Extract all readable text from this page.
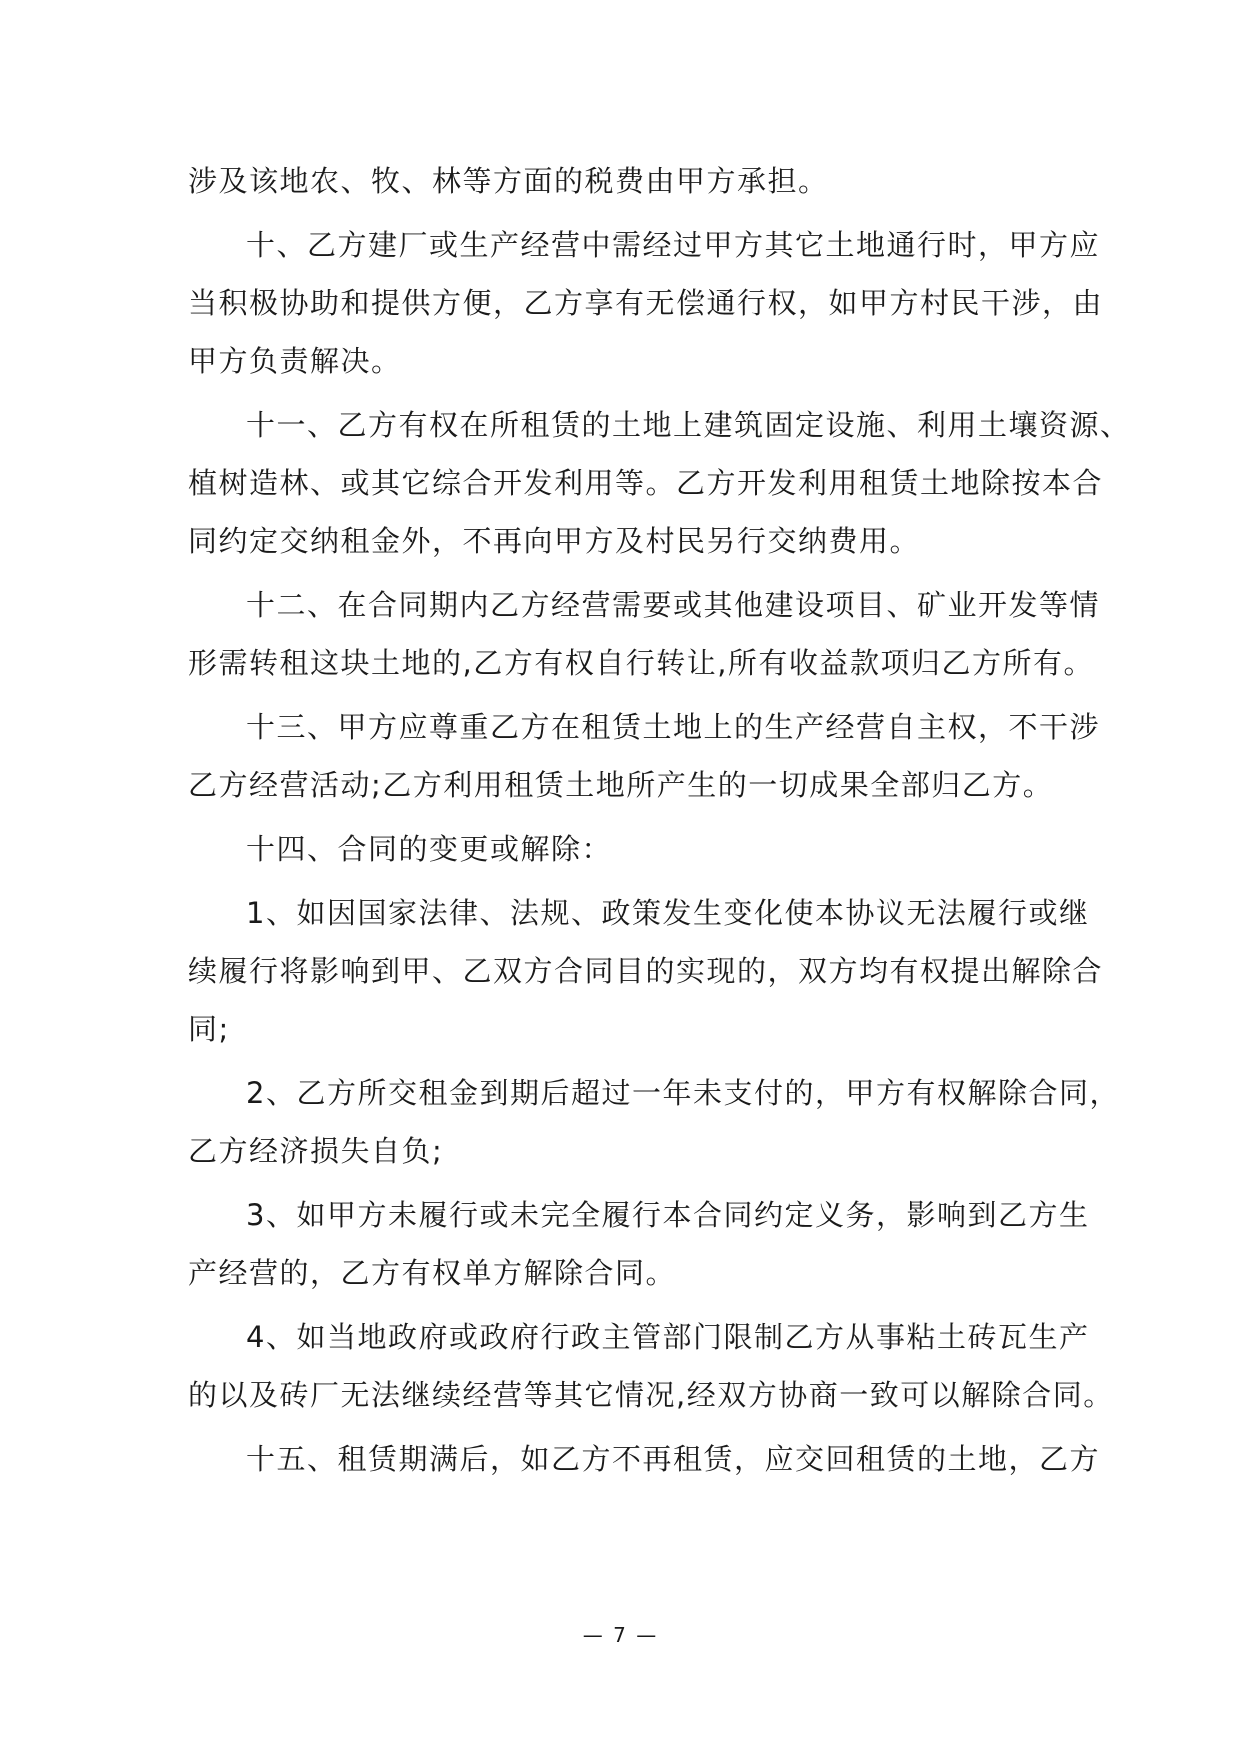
涉及该地农、牧、林等方面的税费由甲方承担。
十、乙方建厂或生产经营中需经过甲方其它土地通行时，甲方应
当积极协助和提供方便，乙方享有无偿通行权，如甲方村民干涉，由
甲方负责解决。
十一、乙方有权在所租赁的土地上建筑固定设施、利用土壤资源、
植树造林、或其它综合开发利用等。乙方开发利用租赁土地除按本合
同约定交纳租金外，不再向甲方及村民另行交纳费用。
十二、在合同期内乙方经营需要或其他建设项目、矿业开发等情
形需转租这块土地的,乙方有权自行转让,所有收益款项归乙方所有。
十三、甲方应尊重乙方在租赁土地上的生产经营自主权，不干涉
乙方经营活动;乙方利用租赁土地所产生的一切成果全部归乙方。
十四、合同的变更或解除：
1、如因国家法律、法规、政策发生变化使本协议无法履行或继
续履行将影响到甲、乙双方合同目的实现的，双方均有权提出解除合
同;
2、乙方所交租金到期后超过一年未支付的，甲方有权解除合同，
乙方经济损失自负;
3、如甲方未履行或未完全履行本合同约定义务，影响到乙方生
产经营的，乙方有权单方解除合同。
4、如当地政府或政府行政主管部门限制乙方从事粘土砖瓦生产
的以及砖厂无法继续经营等其它情况,经双方协商一致可以解除合同。
十五、租赁期满后，如乙方不再租赁，应交回租赁的土地，乙方
— 7 —
